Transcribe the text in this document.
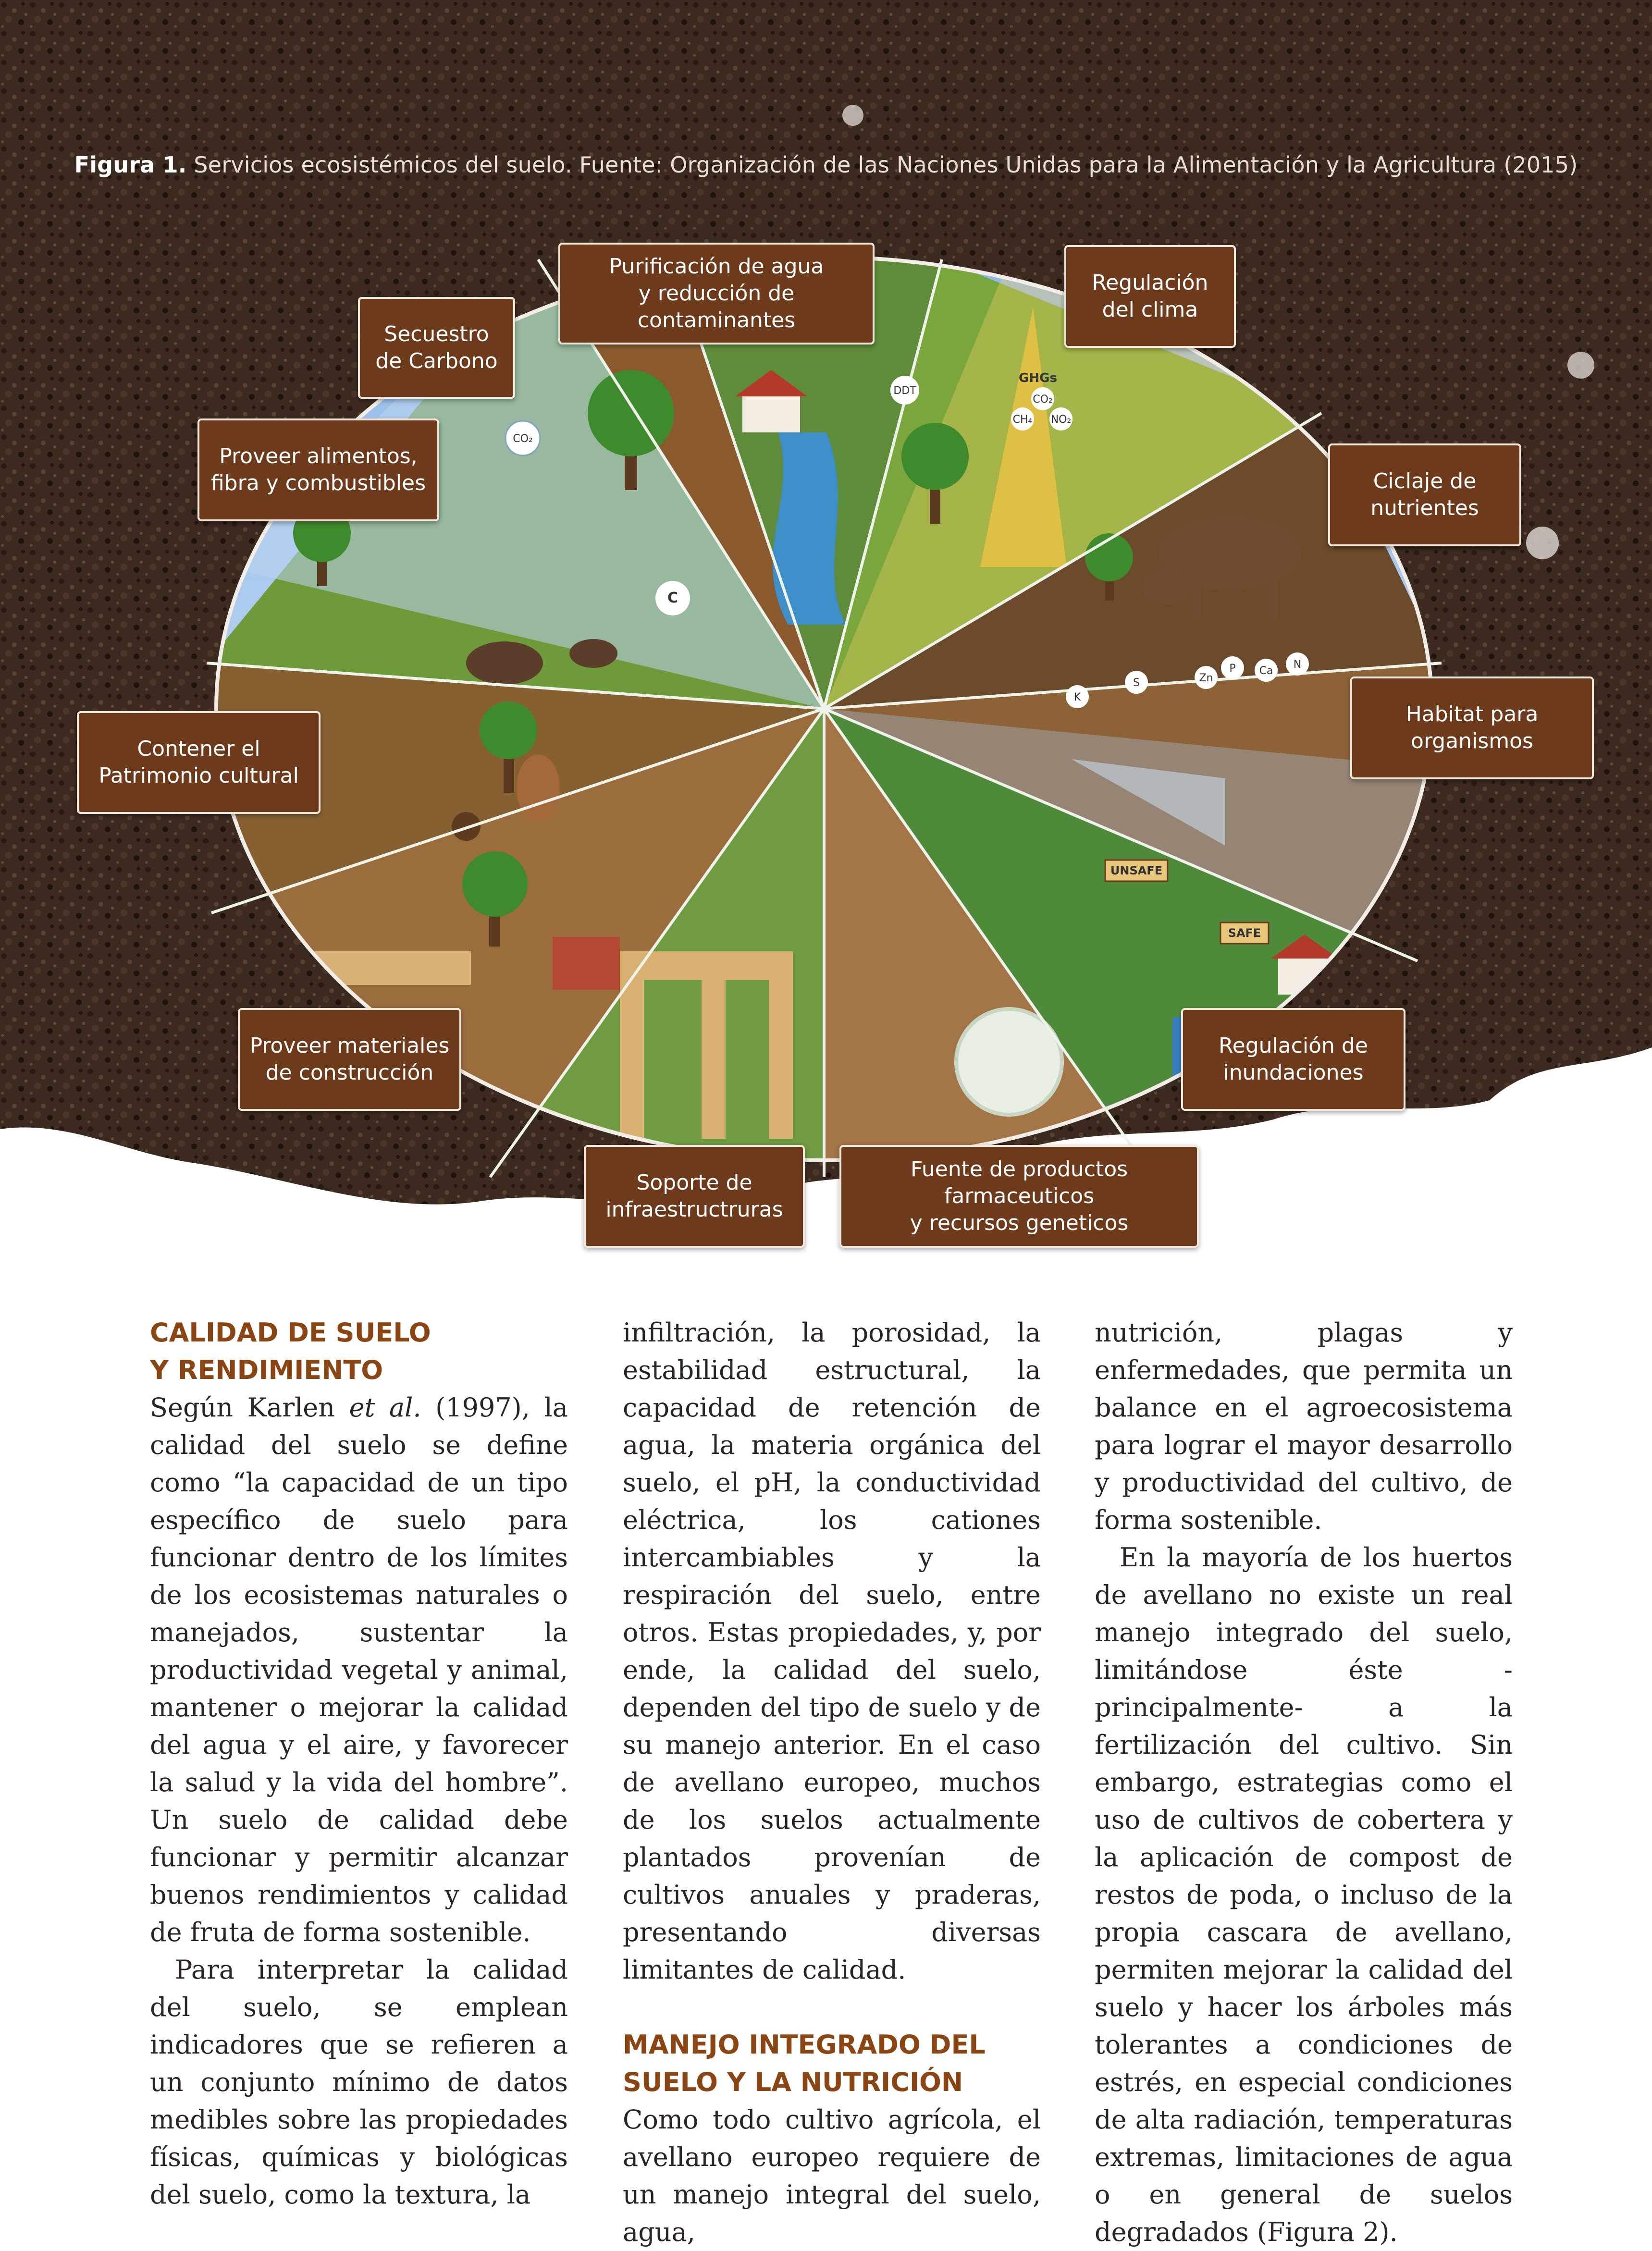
Figura 1. Servicios ecosistémicos del suelo. Fuente: Organización de las Naciones Unidas para la Alimentación y la Agricultura (2015)
CO₂
DDT
GHGs
CO₂
CH₄ NO₂
C
K
S	Zn
P Ca
N
UNSAFE
SAFE
Purificación de agua
y reducción de contaminantes
Regulación
del clima
Secuestro
de Carbono
Proveer alimentos,
fibra y combustibles	Ciclaje de
nutrientes
Habitat para
organismos
Contener el
Patrimonio cultural
Proveer materiales
de construcción
Regulación de
inundaciones
Soporte de
infraestructruras
Fuente de productos farmaceuticos
y recursos geneticos
CALIDAD DE SUELO
Y RENDIMIENTO

Según Karlen et al. (1997), la calidad del suelo se define como “la capacidad de un tipo específico de suelo para funcionar dentro de los límites de los ecosistemas naturales o manejados, sustentar la productividad vegetal y animal, mantener o mejorar la calidad del agua y el aire, y favorecer la salud y la vida del hombre”. Un suelo de calidad debe funcionar y permitir alcanzar buenos rendimientos y calidad de fruta de forma sostenible.

Para interpretar la calidad del suelo, se emplean indicadores que se refieren a un conjunto mínimo de datos medibles sobre las propiedades físicas, químicas y biológicas del suelo, como la textura, la

infiltración, la porosidad, la estabilidad estructural, la capacidad de retención de agua, la materia orgánica del suelo, el pH, la conductividad eléctrica, los cationes intercambiables y la respiración del suelo, entre otros. Estas propiedades, y, por ende, la calidad del suelo, dependen del tipo de suelo y de su manejo anterior. En el caso de avellano europeo, muchos de los suelos actualmente plantados provenían de cultivos anuales y praderas, presentando diversas limitantes de calidad.

MANEJO INTEGRADO DEL
SUELO Y LA NUTRICIÓN

Como todo cultivo agrícola, el avellano europeo requiere de un manejo integral del suelo, agua,

nutrición, plagas y enfermedades, que permita un balance en el agroecosistema para lograr el mayor desarrollo y productividad del cultivo, de forma sostenible.

En la mayoría de los huertos de avellano no existe un real manejo integrado del suelo, limitándose éste -principalmente- a la fertilización del cultivo. Sin embargo, estrategias como el uso de cultivos de cobertera y la aplicación de compost de restos de poda, o incluso de la propia cascara de avellano, permiten mejorar la calidad del suelo y hacer los árboles más tolerantes a condiciones de estrés, en especial condiciones de alta radiación, temperaturas extremas, limitaciones de agua o en general de suelos degradados (Figura 2).
